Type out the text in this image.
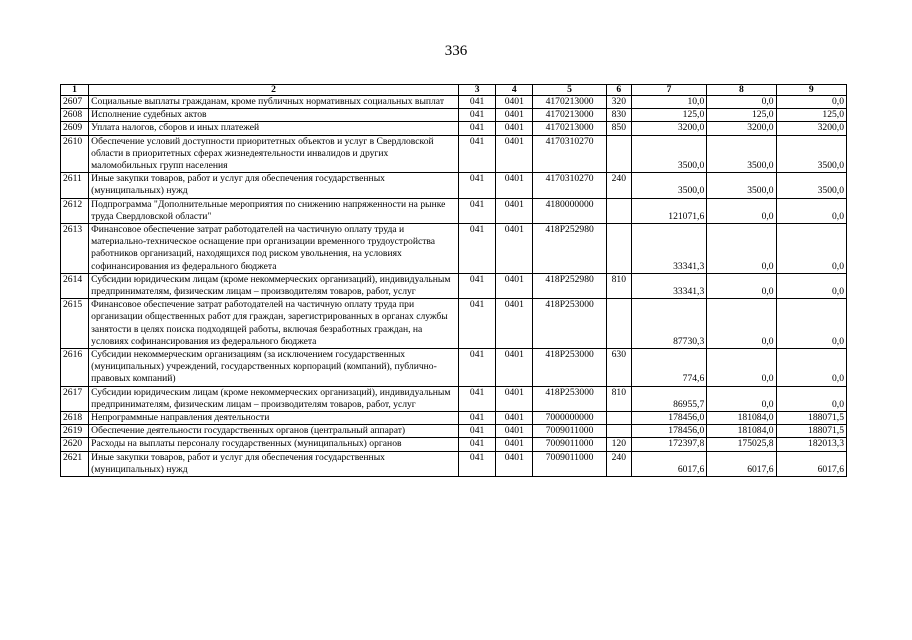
336
1	2	3	4	5	6	7	8	9
2607	Социальные выплаты гражданам, кроме публичных нормативных социальных выплат	041	0401	4170213000	320	10,0	0,0	0,0
2608	Исполнение судебных актов	041	0401	4170213000	830	125,0	125,0	125,0
2609	Уплата налогов, сборов и иных платежей	041	0401	4170213000	850	3200,0	3200,0	3200,0
2610	Обеспечение условий доступности приоритетных объектов и услуг в Свердловской области в приоритетных сферах жизнедеятельности инвалидов и других маломобильных групп населения	041	0401	4170310270		3500,0	3500,0	3500,0
2611	Иные закупки товаров, работ и услуг для обеспечения государственных (муниципальных) нужд	041	0401	4170310270	240	3500,0	3500,0	3500,0
2612	Подпрограмма "Дополнительные мероприятия по снижению напряженности на рынке труда Свердловской области"	041	0401	4180000000		121071,6	0,0	0,0
2613	Финансовое обеспечение затрат работодателей на частичную оплату труда и материально-техническое оснащение при организации временного трудоустройства работников организаций, находящихся под риском увольнения, на условиях софинансирования из федерального бюджета	041	0401	418P252980		33341,3	0,0	0,0
2614	Субсидии юридическим лицам (кроме некоммерческих организаций), индивидуальным предпринимателям, физическим лицам – производителям товаров, работ, услуг	041	0401	418P252980	810	33341,3	0,0	0,0
2615	Финансовое обеспечение затрат работодателей на частичную оплату труда при организации общественных работ для граждан, зарегистрированных в органах службы занятости в целях поиска подходящей работы, включая безработных граждан, на условиях софинансирования из федерального бюджета	041	0401	418P253000		87730,3	0,0	0,0
2616	Субсидии некоммерческим организациям (за исключением государственных (муниципальных) учреждений, государственных корпораций (компаний), публично-правовых компаний)	041	0401	418P253000	630	774,6	0,0	0,0
2617	Субсидии юридическим лицам (кроме некоммерческих организаций), индивидуальным предпринимателям, физическим лицам – производителям товаров, работ, услуг	041	0401	418P253000	810	86955,7	0,0	0,0
2618	Непрограммные направления деятельности	041	0401	7000000000		178456,0	181084,0	188071,5
2619	Обеспечение деятельности государственных органов (центральный аппарат)	041	0401	7009011000		178456,0	181084,0	188071,5
2620	Расходы на выплаты персоналу государственных (муниципальных) органов	041	0401	7009011000	120	172397,8	175025,8	182013,3
2621	Иные закупки товаров, работ и услуг для обеспечения государственных (муниципальных) нужд	041	0401	7009011000	240	6017,6	6017,6	6017,6
